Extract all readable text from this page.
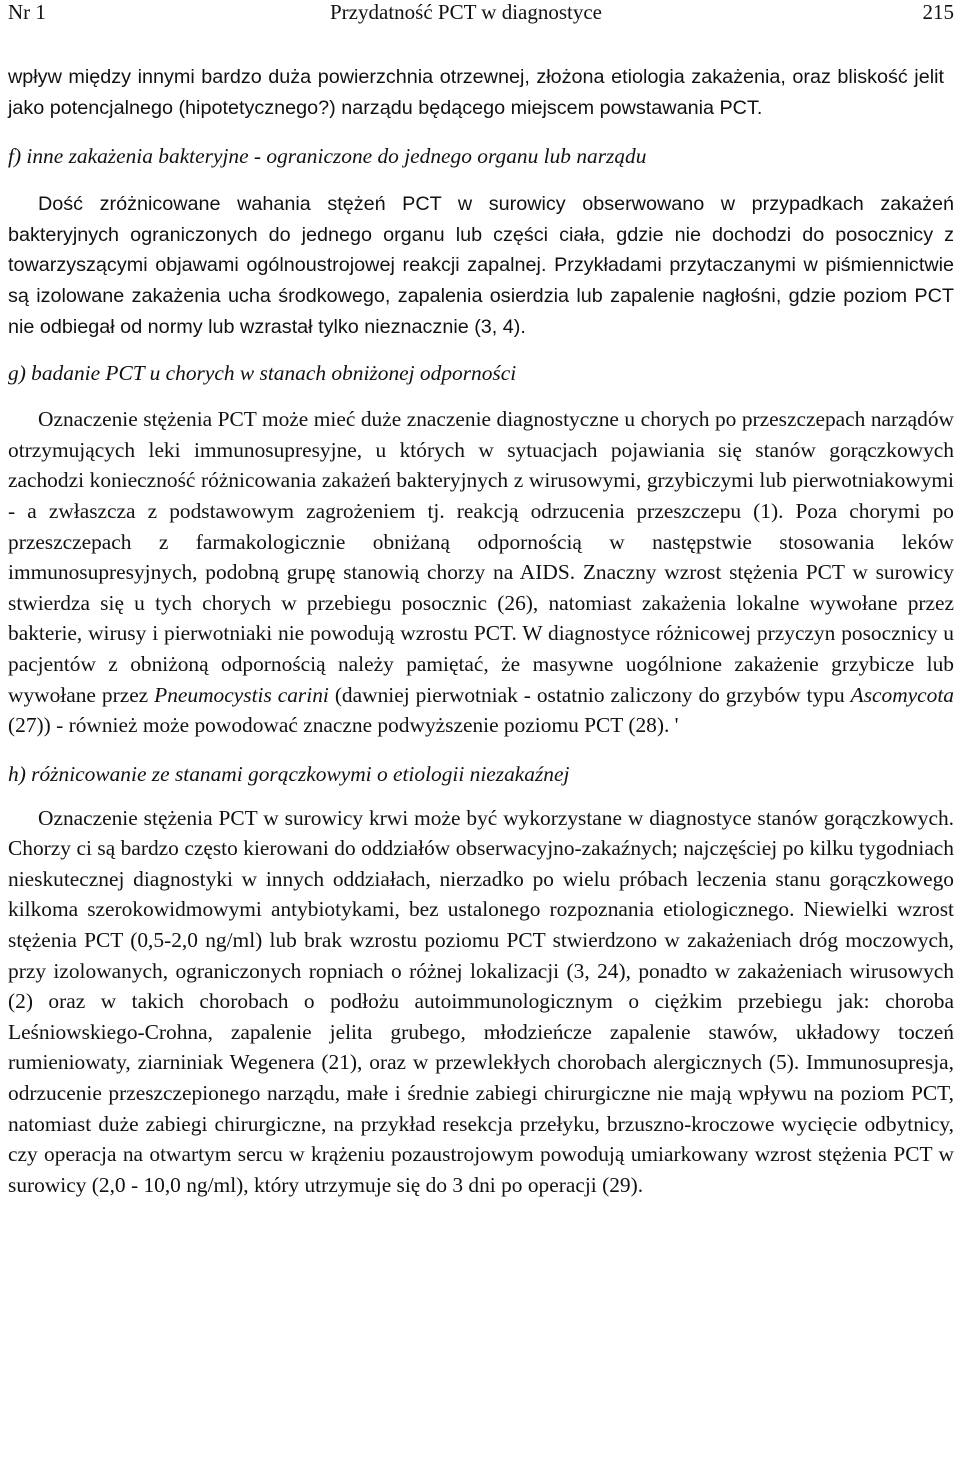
Nr 1	Przydatność PCT w diagnostyce	215

wpływ między innymi bardzo duża powierzchnia otrzewnej, złożona etiologia zakażenia, oraz bliskość jelit jako potencjalnego (hipotetycznego?) narządu będącego miejscem powstawania PCT.

f) inne zakażenia bakteryjne - ograniczone do jednego organu lub narządu

Dość zróżnicowane wahania stężeń PCT w surowicy obserwowano w przypadkach zakażeń bakteryjnych ograniczonych do jednego organu lub części ciała, gdzie nie dochodzi do posocznicy z towarzyszącymi objawami ogólnoustrojowej reakcji zapalnej. Przykładami przytaczanymi w piśmiennictwie są izolowane zakażenia ucha środkowego, zapalenia osierdzia lub zapalenie nagłośni, gdzie poziom PCT nie odbiegał od normy lub wzrastał tylko nieznacznie (3, 4).

g) badanie PCT u chorych w stanach obniżonej odporności

Oznaczenie stężenia PCT może mieć duże znaczenie diagnostyczne u chorych po przeszczepach narządów otrzymujących leki immunosupresyjne, u których w sytuacjach pojawiania się stanów gorączkowych zachodzi konieczność różnicowania zakażeń bakteryjnych z wirusowymi, grzybiczymi lub pierwotniakowymi - a zwłaszcza z podstawowym zagrożeniem tj. reakcją odrzucenia przeszczepu (1). Poza chorymi po przeszczepach z farmakologicznie obniżaną odpornością w następstwie stosowania leków immunosupresyjnych, podobną grupę stanowią chorzy na AIDS. Znaczny wzrost stężenia PCT w surowicy stwierdza się u tych chorych w przebiegu posocznic (26), natomiast zakażenia lokalne wywołane przez bakterie, wirusy i pierwotniaki nie powodują wzrostu PCT. W diagnostyce różnicowej przyczyn posocznicy u pacjentów z obniżoną odpornością należy pamiętać, że masywne uogólnione zakażenie grzybicze lub wywołane przez Pneumocystis carini (dawniej pierwotniak - ostatnio zaliczony do grzybów typu Ascomycota (27)) - również może powodować znaczne podwyższenie poziomu PCT (28). '

h) różnicowanie ze stanami gorączkowymi o etiologii niezakaźnej

Oznaczenie stężenia PCT w surowicy krwi może być wykorzystane w diagnostyce stanów gorączkowych. Chorzy ci są bardzo często kierowani do oddziałów obserwacyjno-zakaźnych; najczęściej po kilku tygodniach nieskutecznej diagnostyki w innych oddziałach, nierzadko po wielu próbach leczenia stanu gorączkowego kilkoma szerokowidmowymi antybiotykami, bez ustalonego rozpoznania etiologicznego. Niewielki wzrost stężenia PCT (0,5-2,0 ng/ml) lub brak wzrostu poziomu PCT stwierdzono w zakażeniach dróg moczowych, przy izolowanych, ograniczonych ropniach o różnej lokalizacji (3, 24), ponadto w zakażeniach wirusowych (2) oraz w takich chorobach o podłożu autoimmunologicznym o ciężkim przebiegu jak: choroba Leśniowskiego-Crohna, zapalenie jelita grubego, młodzieńcze zapalenie stawów, układowy toczeń rumieniowaty, ziarniniak Wegenera (21), oraz w przewlekłych chorobach alergicznych (5). Immunosupresja, odrzucenie przeszczepionego narządu, małe i średnie zabiegi chirurgiczne nie mają wpływu na poziom PCT, natomiast duże zabiegi chirurgiczne, na przykład resekcja przełyku, brzuszno-kroczowe wycięcie odbytnicy, czy operacja na otwartym sercu w krążeniu pozaustrojowym powodują umiarkowany wzrost stężenia PCT w surowicy (2,0 - 10,0 ng/ml), który utrzymuje się do 3 dni po operacji (29).
